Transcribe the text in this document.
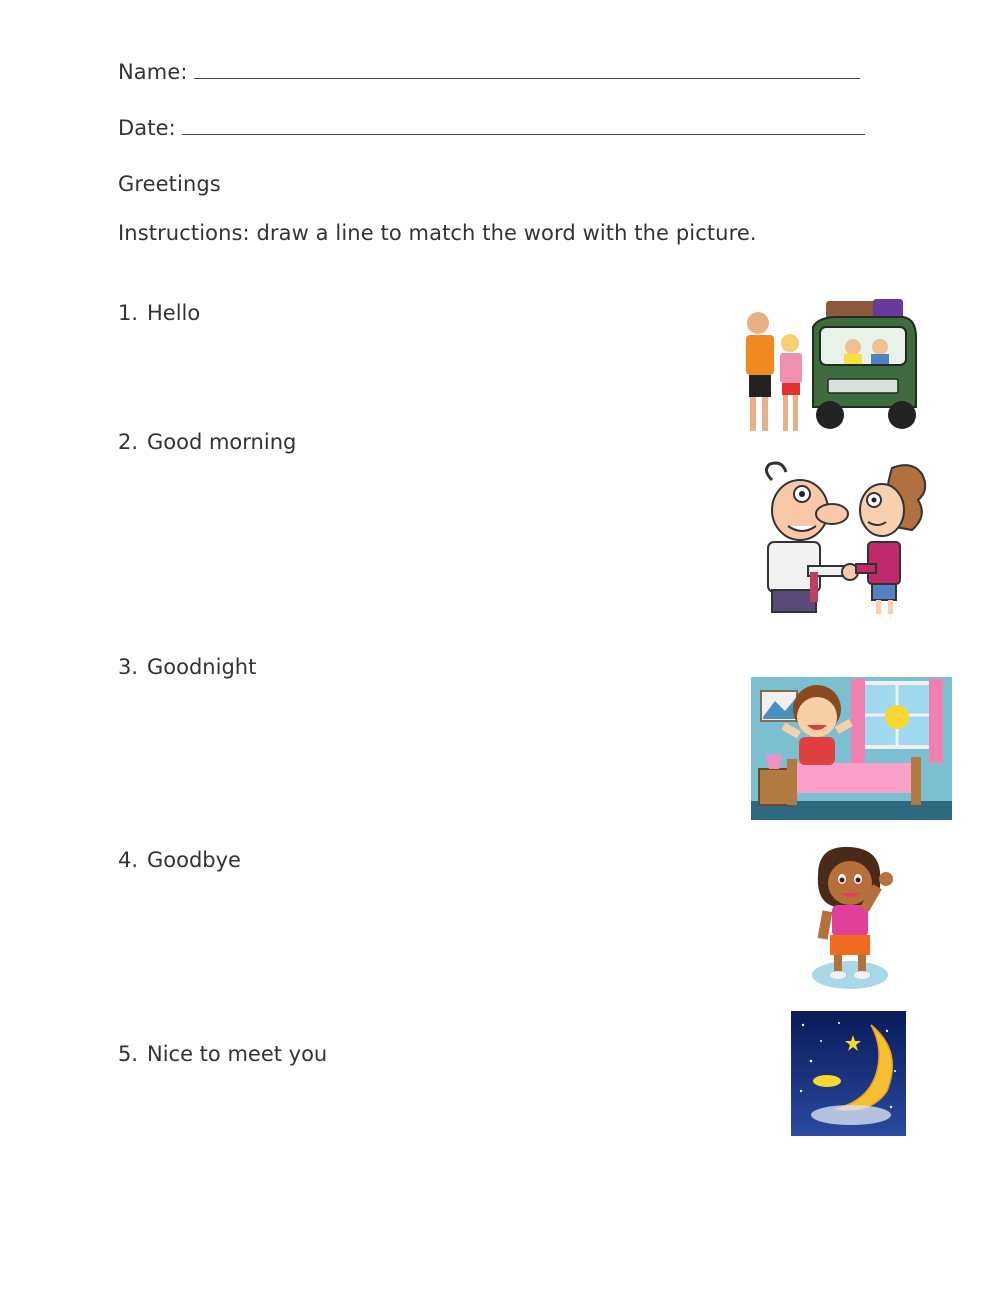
Name:
Date:
Greetings
Instructions: draw a line to match the word with the picture.
1. Hello
2. Good morning
3. Goodnight
4. Goodbye
5. Nice to meet you
